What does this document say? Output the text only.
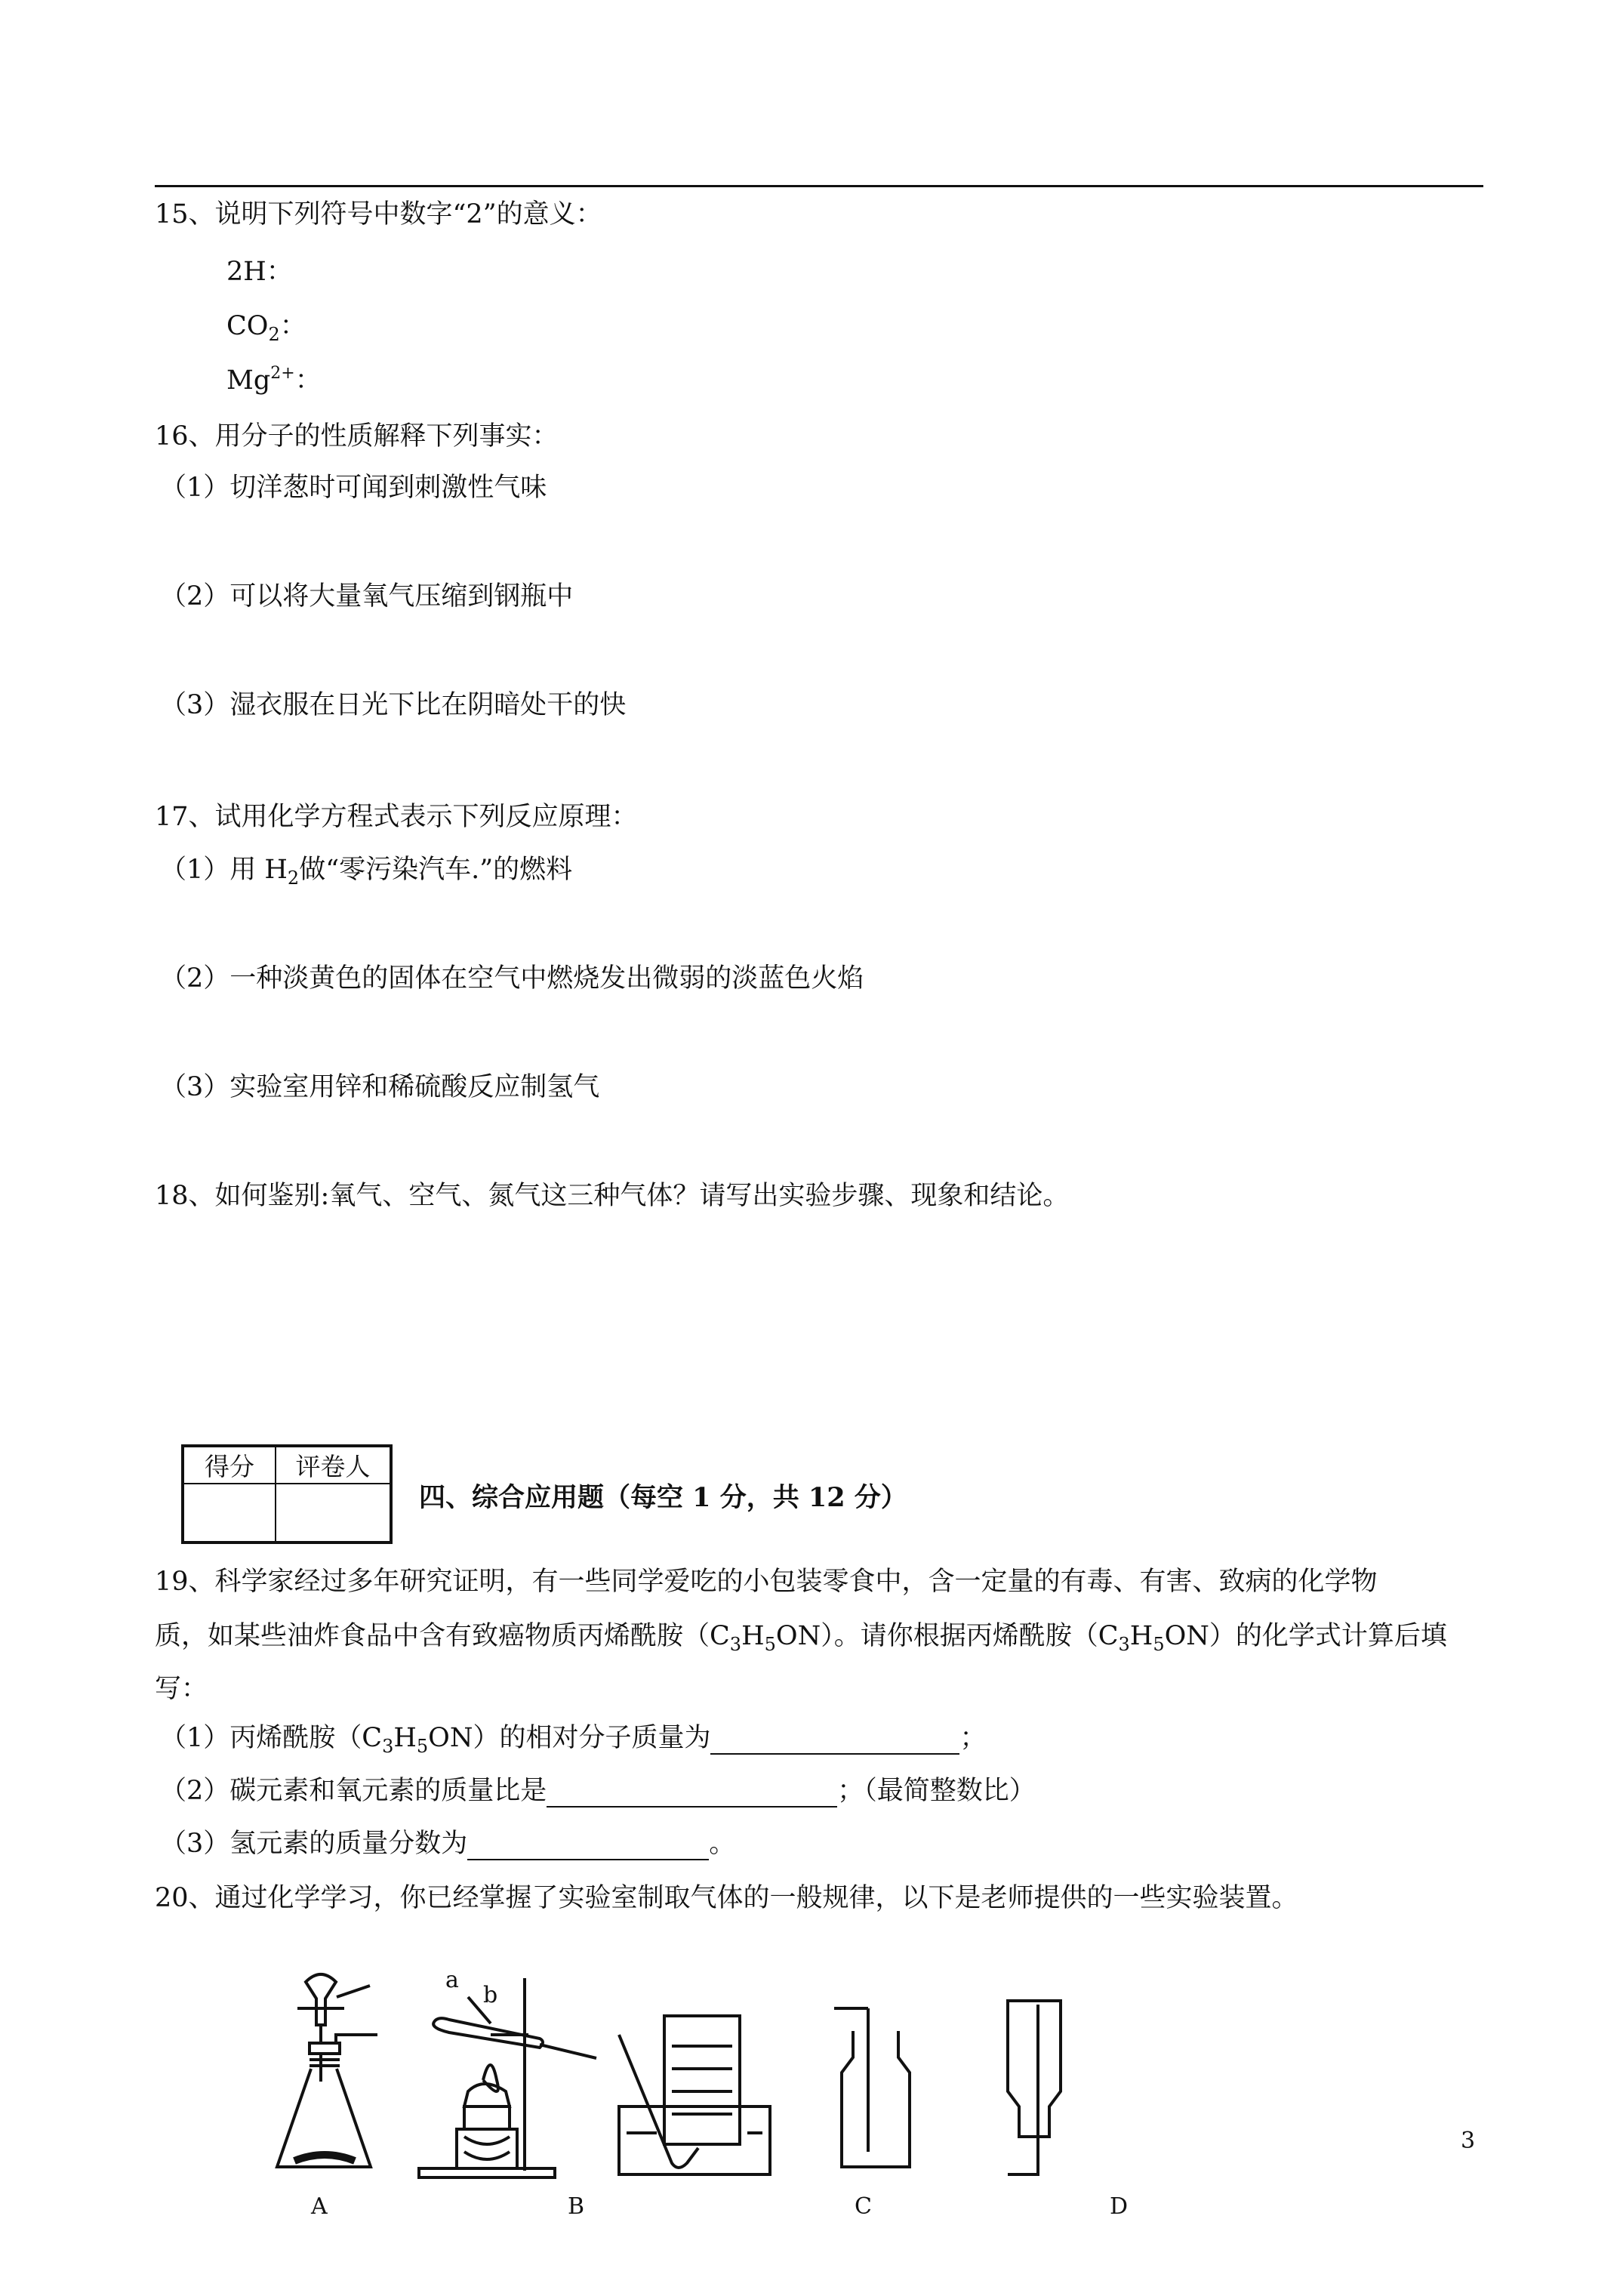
15、说明下列符号中数字“2”的意义：
2H：
$CO_2$：
$Mg^{2+}$：
16、用分子的性质解释下列事实：
（1）切洋葱时可闻到刺激性气味
（2）可以将大量氧气压缩到钢瓶中
（3）湿衣服在日光下比在阴暗处干的快
17、试用化学方程式表示下列反应原理：
（1）用 $H_2$做“零污染汽车.”的燃料
（2）一种淡黄色的固体在空气中燃烧发出微弱的淡蓝色火焰
（3）实验室用锌和稀硫酸反应制氢气
18、如何鉴别:氧气、空气、氮气这三种气体？请写出实验步骤、现象和结论。
得分	评卷人

四、综合应用题（每空 1 分，共 12 分）
19、科学家经过多年研究证明，有一些同学爱吃的小包装零食中，含一定量的有毒、有害、致病的化学物
质，如某些油炸食品中含有致癌物质丙烯酰胺$(C_3H_5ON)$。请你根据丙烯酰胺$(C_3H_5ON)$的化学式计算后填
写：
（1）丙烯酰胺$(C_3H_5ON)$的相对分子质量为	；
（2）碳元素和氧元素的质量比是	；（最简整数比）
（3）氢元素的质量分数为	。
20、通过化学学习，你已经掌握了实验室制取气体的一般规律，以下是老师提供的一些实验装置。
a
b
A	B	C	D
3
